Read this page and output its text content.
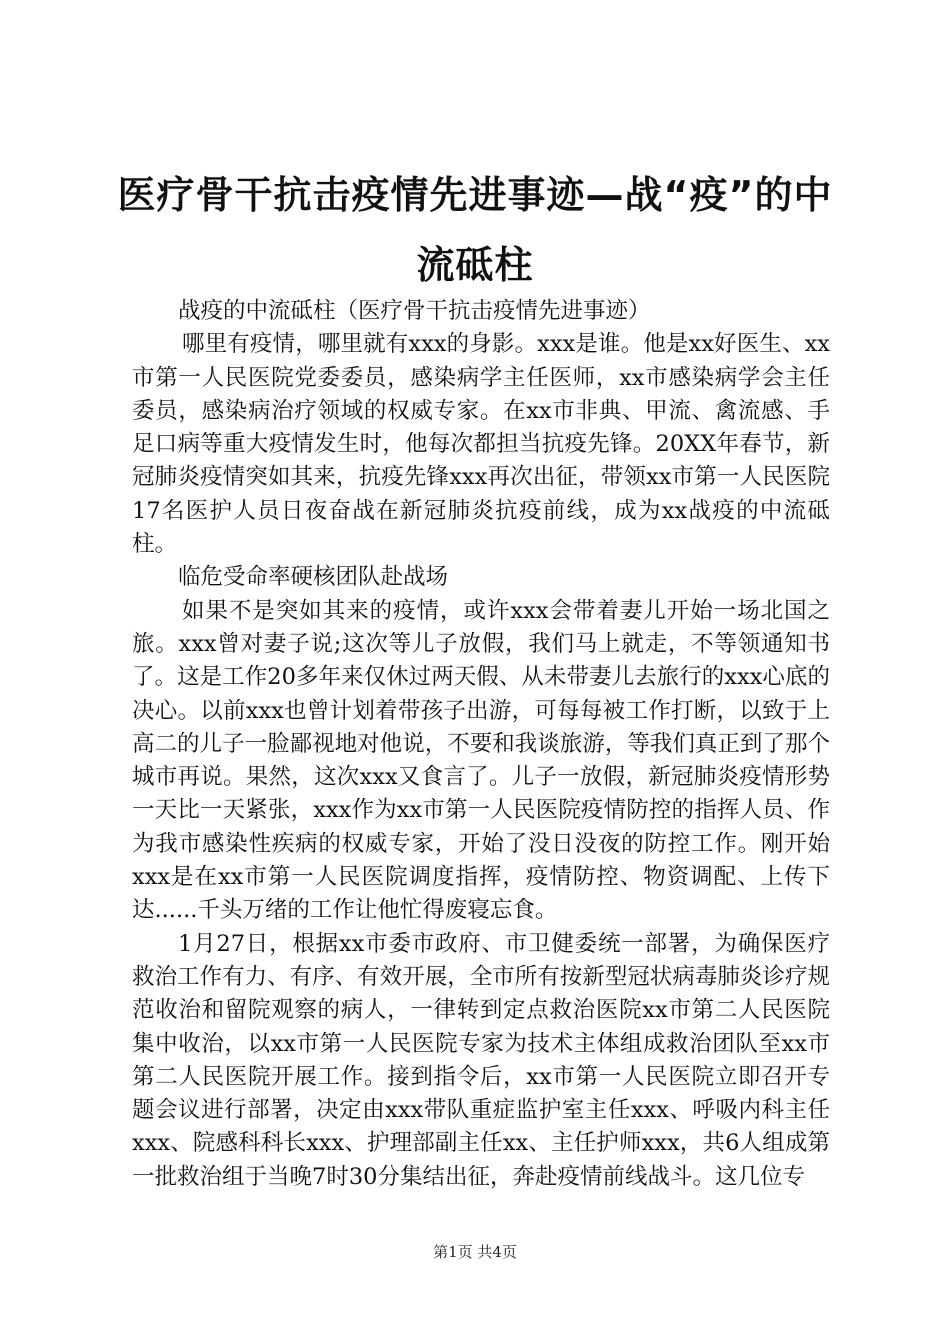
医疗骨干抗击疫情先进事迹—战“疫”的中流砥柱

战疫的中流砥柱（医疗骨干抗击疫情先进事迹）

哪里有疫情，哪里就有xxx的身影。xxx是谁。他是xx好医生、xx市第一人民医院党委委员，感染病学主任医师，xx市感染病学会主任委员，感染病治疗领域的权威专家。在xx市非典、甲流、禽流感、手足口病等重大疫情发生时，他每次都担当抗疫先锋。20XX年春节，新冠肺炎疫情突如其来，抗疫先锋xxx再次出征，带领xx市第一人民医院17名医护人员日夜奋战在新冠肺炎抗疫前线，成为xx战疫的中流砥柱。

临危受命率硬核团队赴战场

如果不是突如其来的疫情，或许xxx会带着妻儿开始一场北国之旅。xxx曾对妻子说;这次等儿子放假，我们马上就走，不等领通知书了。这是工作20多年来仅休过两天假、从未带妻儿去旅行的xxx心底的决心。以前xxx也曾计划着带孩子出游，可每每被工作打断，以致于上高二的儿子一脸鄙视地对他说，不要和我谈旅游，等我们真正到了那个城市再说。果然，这次xxx又食言了。儿子一放假，新冠肺炎疫情形势一天比一天紧张，xxx作为xx市第一人民医院疫情防控的指挥人员、作为我市感染性疾病的权威专家，开始了没日没夜的防控工作。刚开始xxx是在xx市第一人民医院调度指挥，疫情防控、物资调配、上传下达......千头万绪的工作让他忙得废寝忘食。

1月27日，根据xx市委市政府、市卫健委统一部署，为确保医疗救治工作有力、有序、有效开展，全市所有按新型冠状病毒肺炎诊疗规范收治和留院观察的病人，一律转到定点救治医院xx市第二人民医院集中收治，以xx市第一人民医院专家为技术主体组成救治团队至xx市第二人民医院开展工作。接到指令后，xx市第一人民医院立即召开专题会议进行部署，决定由xxx带队重症监护室主任xxx、呼吸内科主任xxx、院感科科长xxx、护理部副主任xx、主任护师xxx，共6人组成第一批救治组于当晚7时30分集结出征，奔赴疫情前线战斗。这几位专

第1页 共4页
